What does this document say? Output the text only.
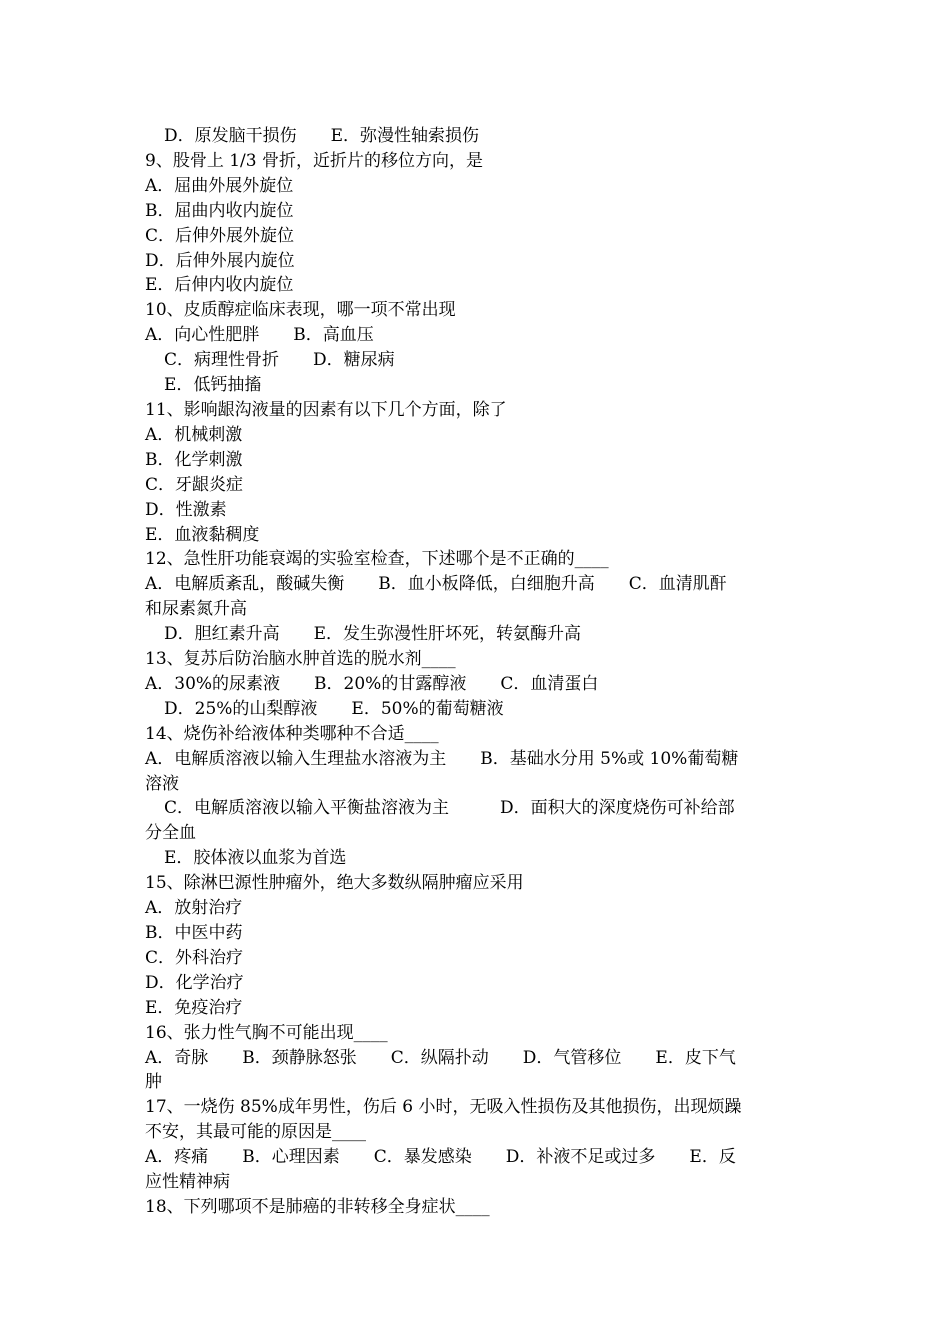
D．原发脑干损伤　　E．弥漫性轴索损伤
9、股骨上 1/3 骨折，近折片的移位方向，是
A．屈曲外展外旋位
B．屈曲内收内旋位
C．后伸外展外旋位
D．后伸外展内旋位
E．后伸内收内旋位
10、皮质醇症临床表现，哪一项不常出现
A．向心性肥胖　　B．高血压
C．病理性骨折　　D．糖尿病
E．低钙抽搐
11、影响龈沟液量的因素有以下几个方面，除了
A．机械刺激
B．化学刺激
C．牙龈炎症
D．性激素
E．血液黏稠度
12、急性肝功能衰竭的实验室检查，下述哪个是不正确的____
A．电解质紊乱，酸碱失衡　　B．血小板降低，白细胞升高　　C．血清肌酐
和尿素氮升高
D．胆红素升高　　E．发生弥漫性肝坏死，转氨酶升高
13、复苏后防治脑水肿首选的脱水剂____
A．30%的尿素液　　B．20%的甘露醇液　　C．血清蛋白
D．25%的山梨醇液　　E．50%的葡萄糖液
14、烧伤补给液体种类哪种不合适____
A．电解质溶液以输入生理盐水溶液为主　　B．基础水分用 5%或 10%葡萄糖
溶液
C．电解质溶液以输入平衡盐溶液为主　　　D．面积大的深度烧伤可补给部
分全血
E．胶体液以血浆为首选
15、除淋巴源性肿瘤外，绝大多数纵隔肿瘤应采用
A．放射治疗
B．中医中药
C．外科治疗
D．化学治疗
E．免疫治疗
16、张力性气胸不可能出现____
A．奇脉　　B．颈静脉怒张　　C．纵隔扑动　　D．气管移位　　E．皮下气
肿
17、一烧伤 85%成年男性，伤后 6 小时，无吸入性损伤及其他损伤，出现烦躁
不安，其最可能的原因是____
A．疼痛　　B．心理因素　　C．暴发感染　　D．补液不足或过多　　E．反
应性精神病
18、下列哪项不是肺癌的非转移全身症状____
